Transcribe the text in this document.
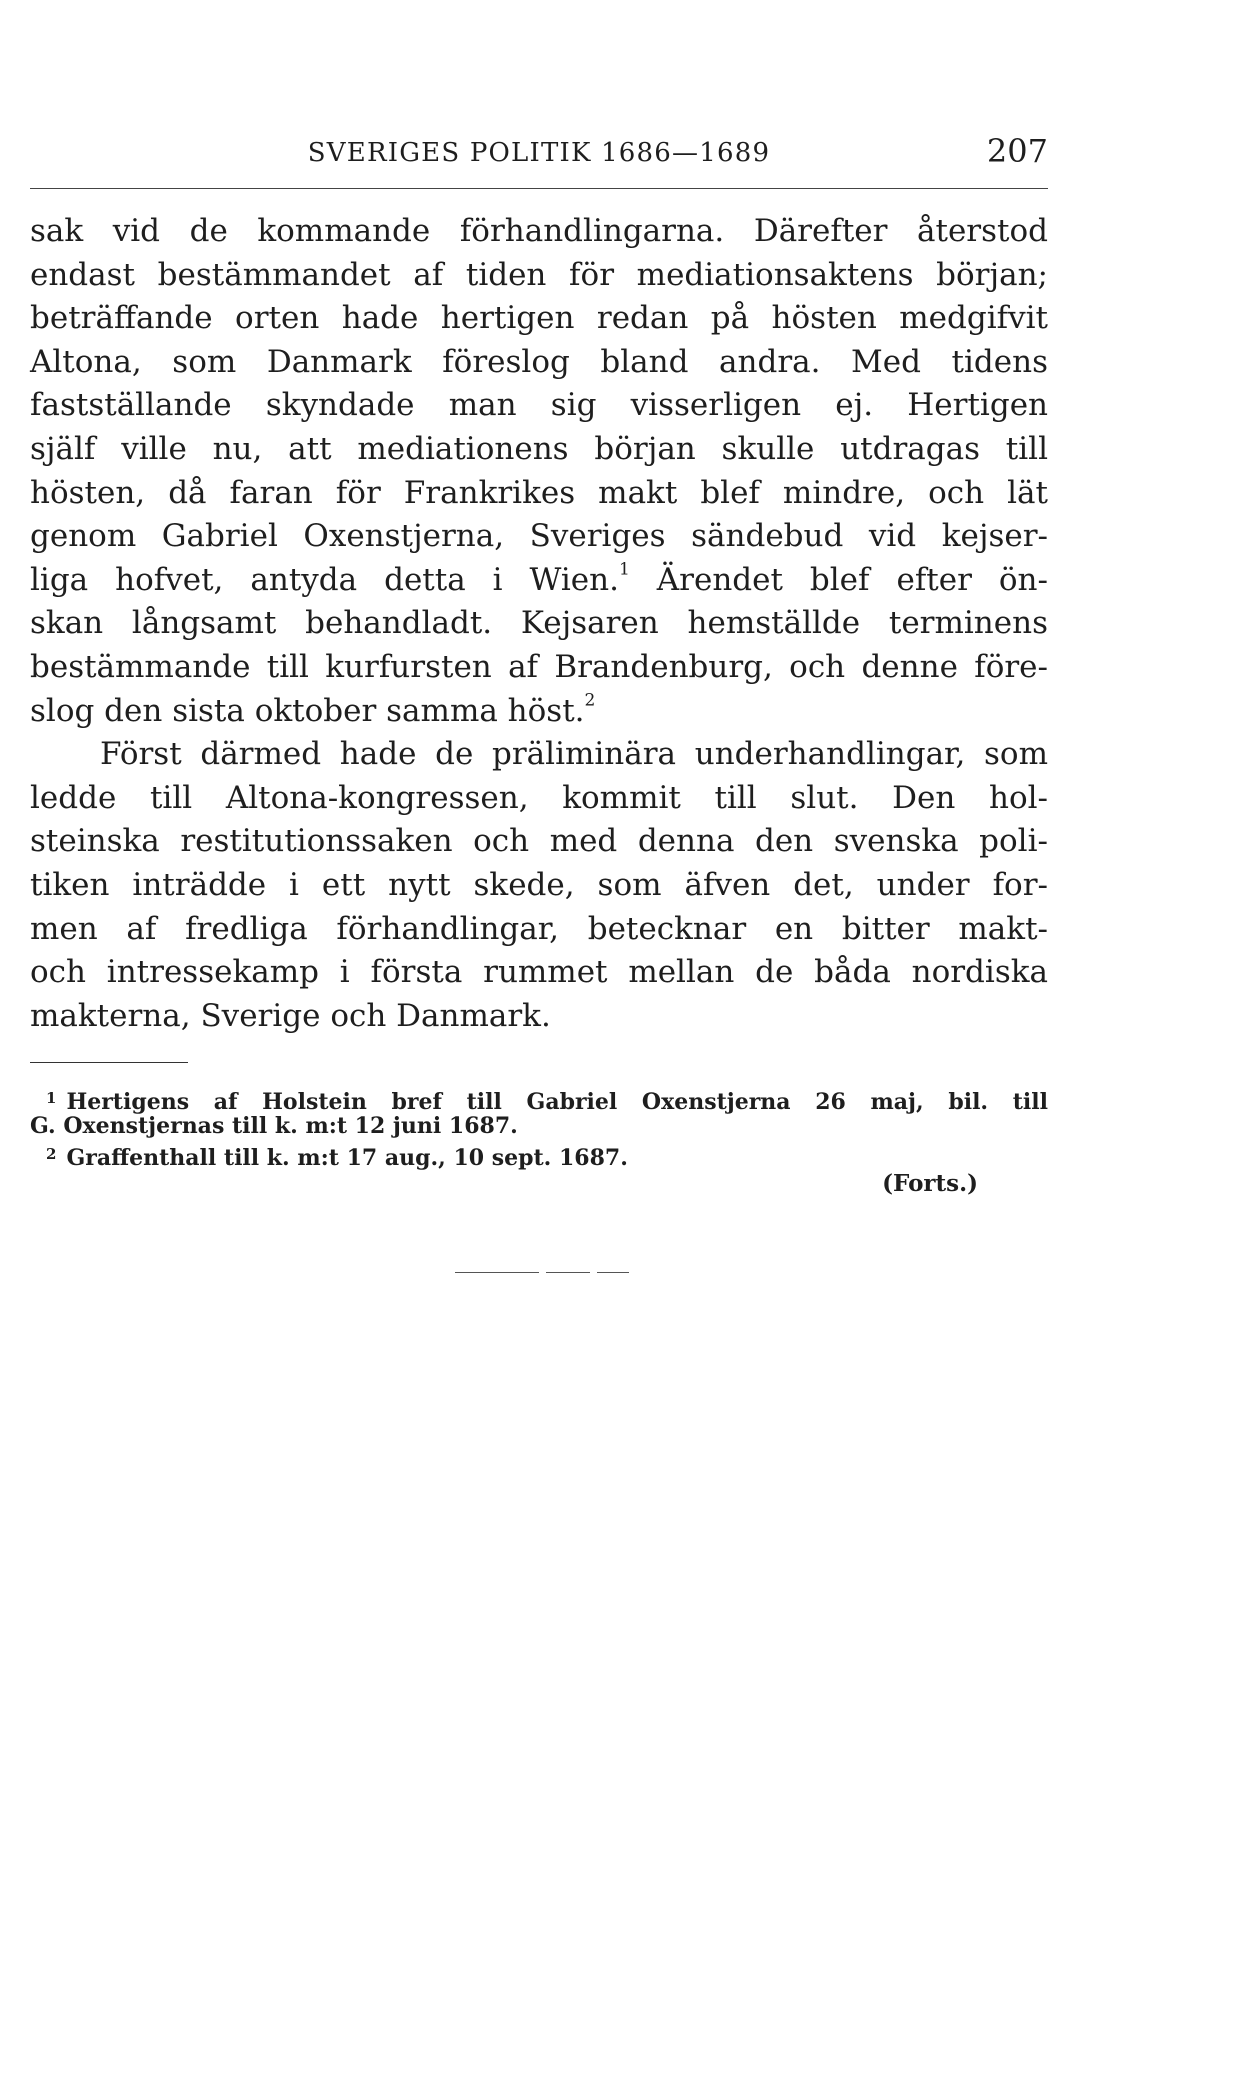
SVERIGES POLITIK 1686—1689	207
sak vid de kommande förhandlingarna. Därefter återstod
endast bestämmandet af tiden för mediationsaktens början;
beträffande orten hade hertigen redan på hösten medgifvit
Altona, som Danmark föreslog bland andra. Med tidens
fastställande skyndade man sig visserligen ej. Hertigen
själf ville nu, att mediationens början skulle utdragas till
hösten, då faran för Frankrikes makt blef mindre, och lät
genom Gabriel Oxenstjerna, Sveriges sändebud vid kejser-
liga hofvet, antyda detta i Wien.$^1$ Ärendet blef efter ön-
skan långsamt behandladt. Kejsaren hemställde terminens
bestämmande till kurfursten af Brandenburg, och denne före-
slog den sista oktober samma höst.$^2$
Först därmed hade de präliminära underhandlingar, som
ledde till Altona-kongressen, kommit till slut. Den hol-
steinska restitutionssaken och med denna den svenska poli-
tiken inträdde i ett nytt skede, som äfven det, under for-
men af fredliga förhandlingar, betecknar en bitter makt-
och intressekamp i första rummet mellan de båda nordiska
makterna, Sverige och Danmark.
$^1$ Hertigens af Holstein bref till Gabriel Oxenstjerna 26 maj, bil. till
G. Oxenstjernas till k. m:t 12 juni 1687.
$^2$ Graffenthall till k. m:t 17 aug., 10 sept. 1687.
(Forts.)
